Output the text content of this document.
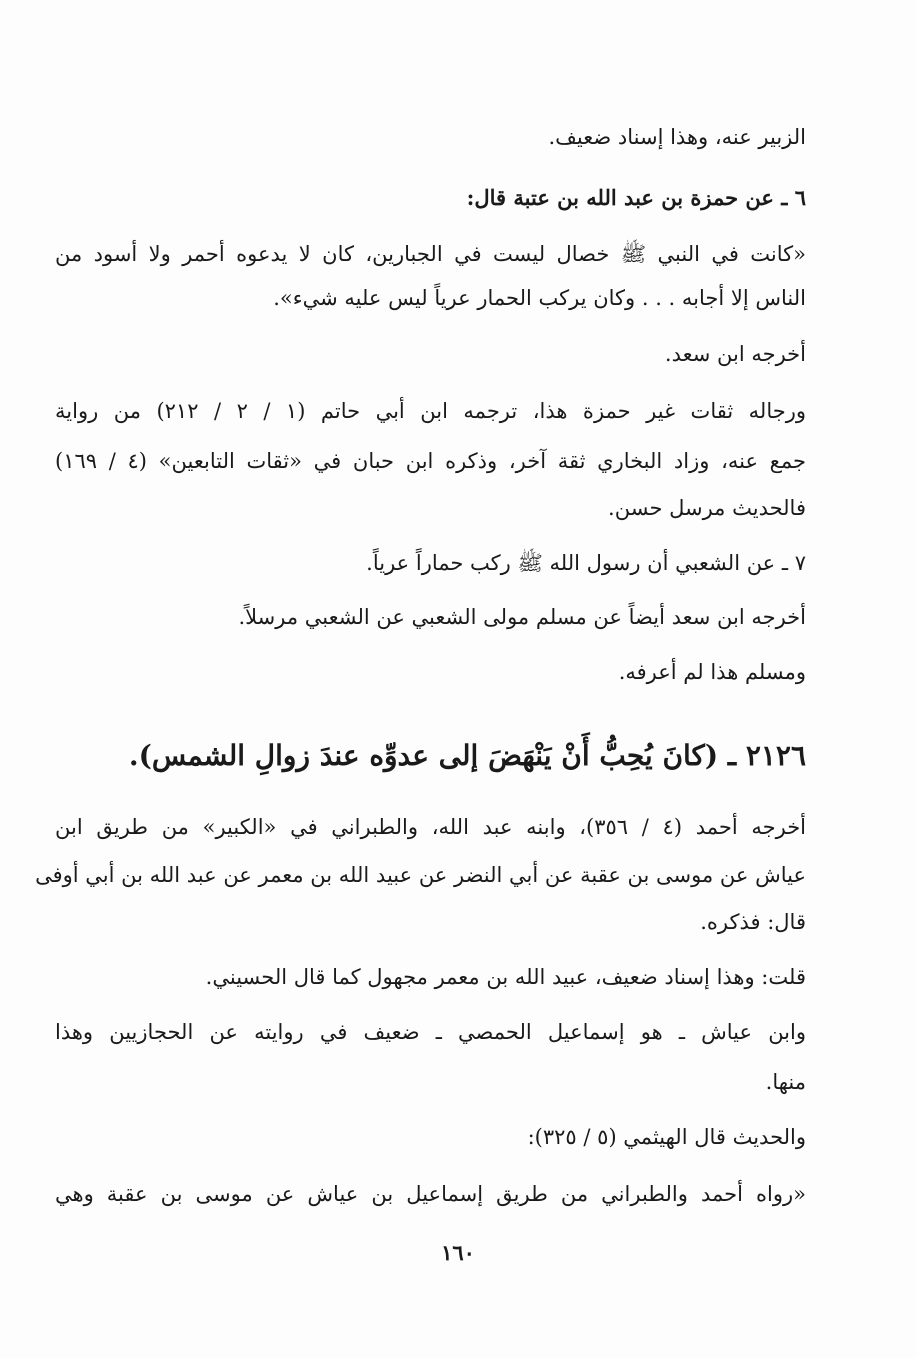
الزبير عنه، وهذا إسناد ضعيف.
٦ ـ عن حمزة بن عبد الله بن عتبة قال:
«كانت في النبي ﷺ خصال ليست في الجبارين، كان لا يدعوه أحمر ولا أسود من
الناس إلا أجابه . . . وكان يركب الحمار عرياً ليس عليه شيء».
أخرجه ابن سعد.
ورجاله ثقات غير حمزة هذا، ترجمه ابن أبي حاتم (١ / ٢ / ٢١٢) من رواية
جمع عنه، وزاد البخاري ثقة آخر، وذكره ابن حبان في «ثقات التابعين» (٤ / ١٦٩)
فالحديث مرسل حسن.
٧ ـ عن الشعبي أن رسول الله ﷺ ركب حماراً عرياً.
أخرجه ابن سعد أيضاً عن مسلم مولى الشعبي عن الشعبي مرسلاً.
ومسلم هذا لم أعرفه.
٢١٢٦ ـ (كانَ يُحِبُّ أَنْ يَنْهَضَ إلى عدوِّه عندَ زوالِ الشمس).
أخرجه أحمد (٤ / ٣٥٦)، وابنه عبد الله، والطبراني في «الكبير» من طريق ابن
عياش عن موسى بن عقبة عن أبي النضر عن عبيد الله بن معمر عن عبد الله بن أبي أوفى
قال: فذكره.
قلت: وهذا إسناد ضعيف، عبيد الله بن معمر مجهول كما قال الحسيني.
وابن عياش ـ هو إسماعيل الحمصي ـ ضعيف في روايته عن الحجازيين وهذا
منها.
والحديث قال الهيثمي (٥ / ٣٢٥):
«رواه أحمد والطبراني من طريق إسماعيل بن عياش عن موسى بن عقبة وهي
١٦٠
